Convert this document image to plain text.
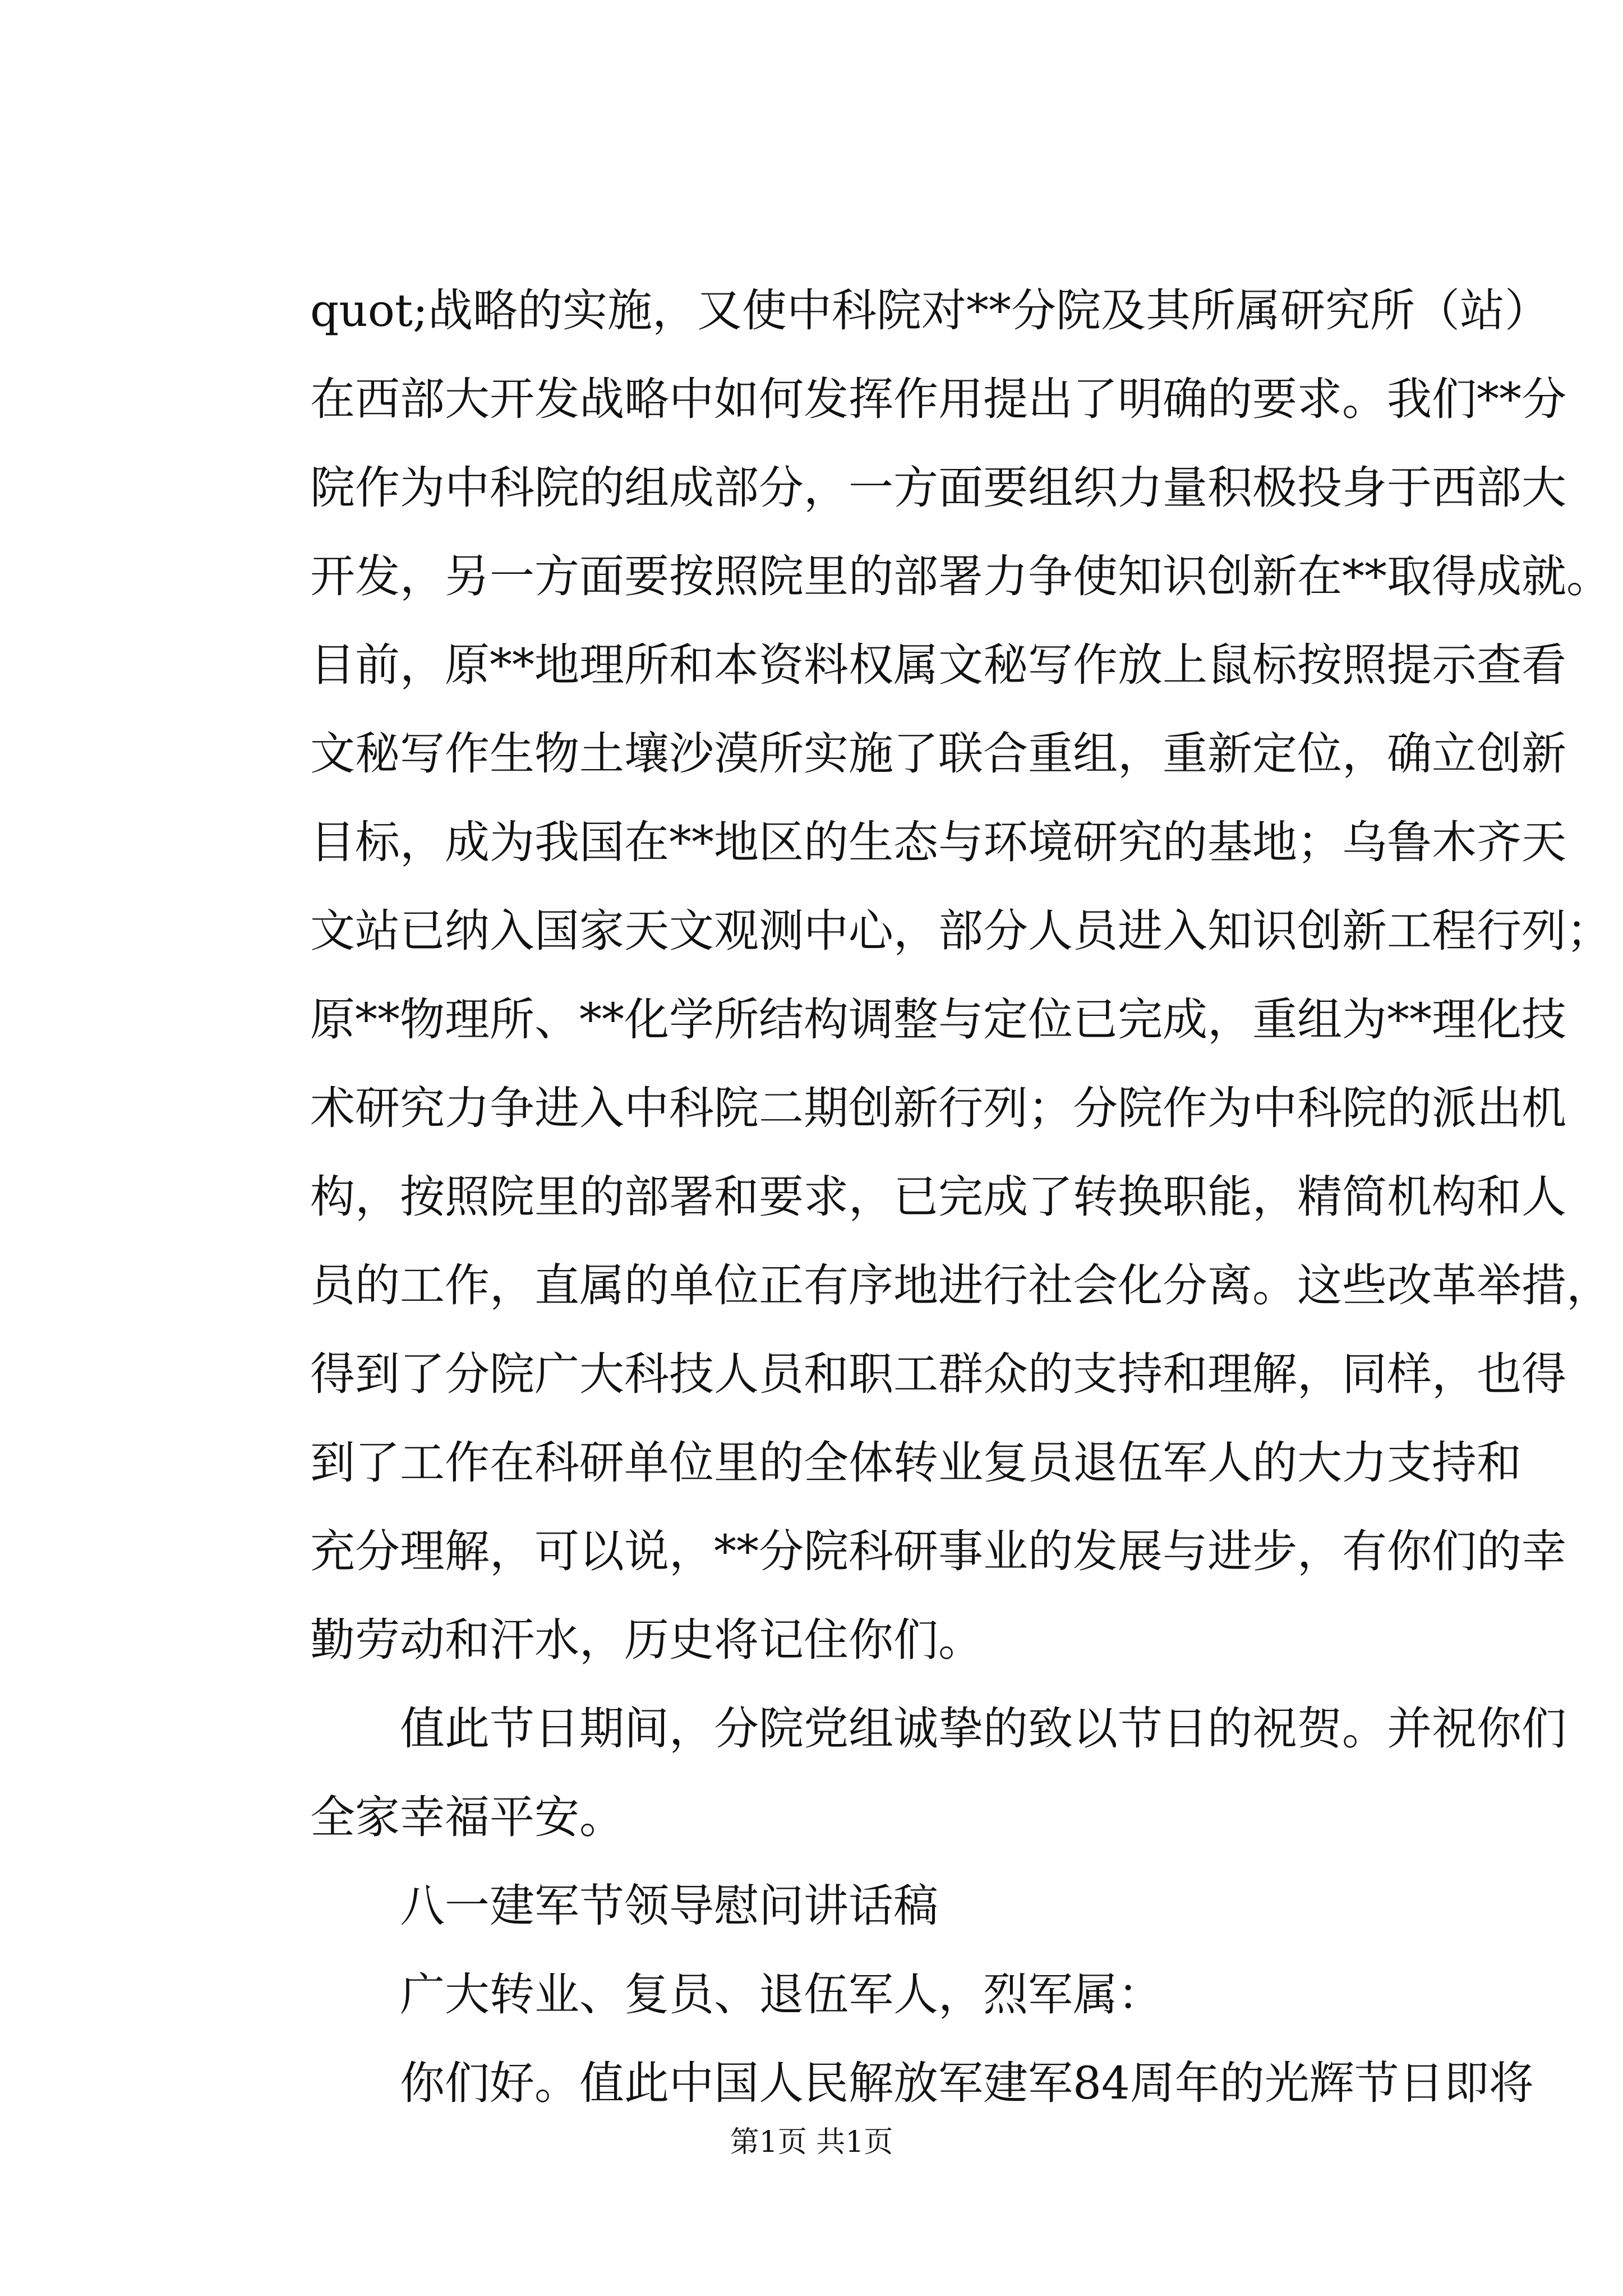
quot;战略的实施，又使中科院对**分院及其所属研究所（站）
在西部大开发战略中如何发挥作用提出了明确的要求。我们**分
院作为中科院的组成部分，一方面要组织力量积极投身于西部大
开发，另一方面要按照院里的部署力争使知识创新在**取得成就。
目前，原**地理所和本资料权属文秘写作放上鼠标按照提示查看
文秘写作生物土壤沙漠所实施了联合重组，重新定位，确立创新
目标，成为我国在**地区的生态与环境研究的基地；乌鲁木齐天
文站已纳入国家天文观测中心，部分人员进入知识创新工程行列；
原**物理所、**化学所结构调整与定位已完成，重组为**理化技
术研究力争进入中科院二期创新行列；分院作为中科院的派出机
构，按照院里的部署和要求，已完成了转换职能，精简机构和人
员的工作，直属的单位正有序地进行社会化分离。这些改革举措，
得到了分院广大科技人员和职工群众的支持和理解，同样，也得
到了工作在科研单位里的全体转业复员退伍军人的大力支持和
充分理解，可以说，**分院科研事业的发展与进步，有你们的幸
勤劳动和汗水，历史将记住你们。
值此节日期间，分院党组诚挚的致以节日的祝贺。并祝你们
全家幸福平安。
八一建军节领导慰问讲话稿
广大转业、复员、退伍军人，烈军属：
你们好。值此中国人民解放军建军84周年的光辉节日即将
第1页 共1页
